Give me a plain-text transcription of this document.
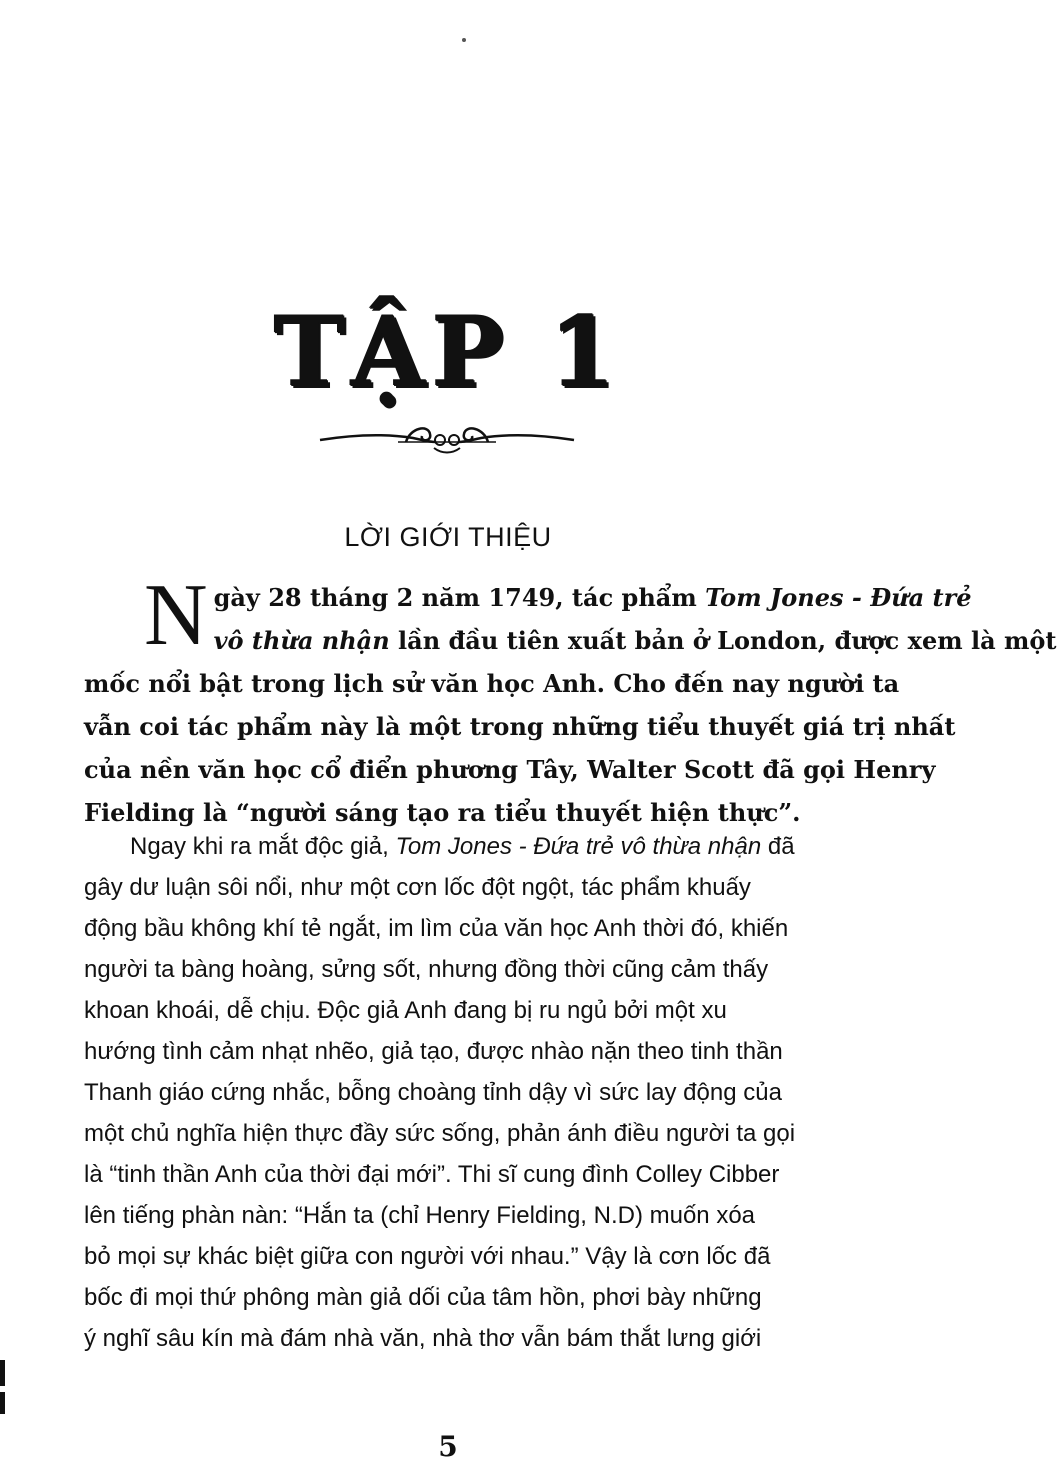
TẬP 1
LỜI GIỚI THIỆU
N gày 28 tháng 2 năm 1749, tác phẩm Tom Jones - Đứa trẻ
vô thừa nhận lần đầu tiên xuất bản ở London, được xem là một
mốc nổi bật trong lịch sử văn học Anh. Cho đến nay người ta
vẫn coi tác phẩm này là một trong những tiểu thuyết giá trị nhất
của nền văn học cổ điển phương Tây, Walter Scott đã gọi Henry
Fielding là “người sáng tạo ra tiểu thuyết hiện thực”.
Ngay khi ra mắt độc giả, Tom Jones - Đứa trẻ vô thừa nhận đã
gây dư luận sôi nổi, như một cơn lốc đột ngột, tác phẩm khuấy
động bầu không khí tẻ ngắt, im lìm của văn học Anh thời đó, khiến
người ta bàng hoàng, sửng sốt, nhưng đồng thời cũng cảm thấy
khoan khoái, dễ chịu. Độc giả Anh đang bị ru ngủ bởi một xu
hướng tình cảm nhạt nhẽo, giả tạo, được nhào nặn theo tinh thần
Thanh giáo cứng nhắc, bỗng choàng tỉnh dậy vì sức lay động của
một chủ nghĩa hiện thực đầy sức sống, phản ánh điều người ta gọi
là “tinh thần Anh của thời đại mới”. Thi sĩ cung đình Colley Cibber
lên tiếng phàn nàn: “Hắn ta (chỉ Henry Fielding, N.D) muốn xóa
bỏ mọi sự khác biệt giữa con người với nhau.” Vậy là cơn lốc đã
bốc đi mọi thứ phông màn giả dối của tâm hồn, phơi bày những
ý nghĩ sâu kín mà đám nhà văn, nhà thơ vẫn bám thắt lưng giới
5
